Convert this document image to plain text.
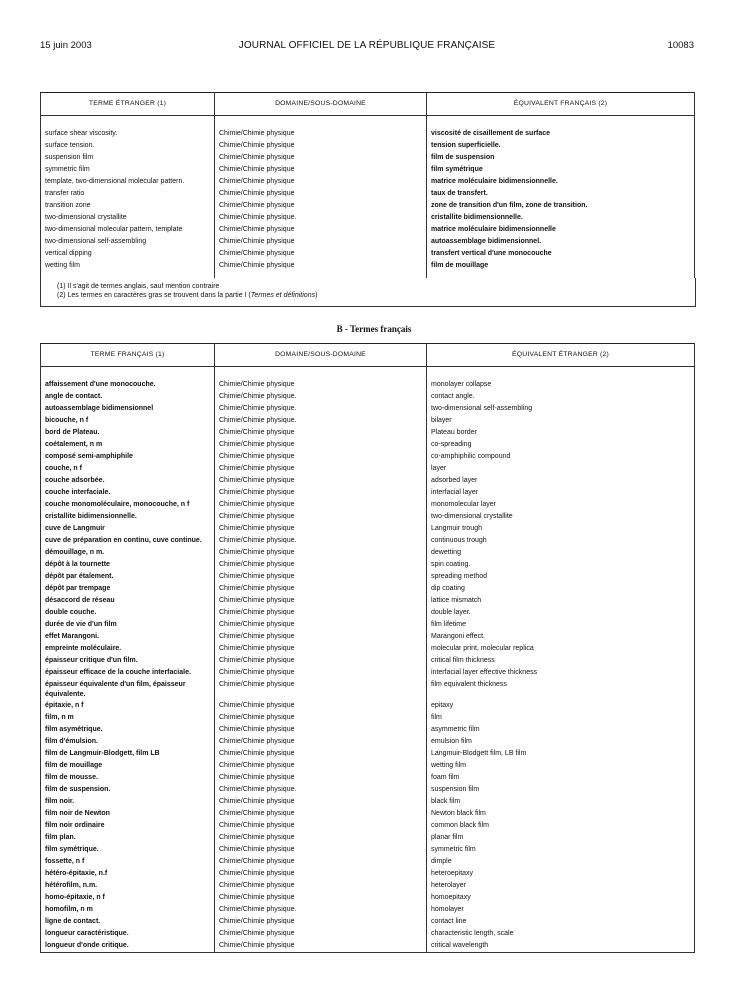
15 juin 2003	JOURNAL OFFICIEL DE LA RÉPUBLIQUE FRANÇAISE	10083
TERME ÉTRANGER (1)	DOMAINE/SOUS-DOMAINE	ÉQUIVALENT FRANÇAIS (2)

surface shear viscosity.	Chimie/Chimie physique	viscosité de cisaillement de surface
surface tension.	Chimie/Chimie physique	tension superficielle.
suspension film	Chimie/Chimie physique	film de suspension
symmetric film	Chimie/Chimie physique	film symétrique
template, two-dimensional molecular pattern.	Chimie/Chimie physique	matrice moléculaire bidimensionnelle.
transfer ratio	Chimie/Chimie physique	taux de transfert.
transition zone	Chimie/Chimie physique	zone de transition d'un film, zone de transition.
two-dimensional crystallite	Chimie/Chimie physique.	cristallite bidimensionnelle.
two-dimensional molecular pattern, template	Chimie/Chimie physique	matrice moléculaire bidimensionnelle
two-dimensional self-assembling	Chimie/Chimie physique	autoassemblage bidimensionnel.
vertical dipping	Chimie/Chimie physique	transfert vertical d'une monocouche
wetting film	Chimie/Chimie physique	film de mouillage

(1) Il s'agit de termes anglais, sauf mention contraire
(2) Les termes en caractères gras se trouvent dans la partie I (Termes et définitions)
B - Termes français
TERME FRANÇAIS (1)	DOMAINE/SOUS-DOMAINE	ÉQUIVALENT ÉTRANGER (2)

affaissement d'une monocouche.	Chimie/Chimie physique	monolayer collapse
angle de contact.	Chimie/Chimie physique.	contact angle.
autoassemblage bidimensionnel	Chimie/Chimie physique.	two-dimensional self-assembling
bicouche, n f	Chimie/Chimie physique.	bilayer
bord de Plateau.	Chimie/Chimie physique	Plateau border
coétalement, n m	Chimie/Chimie physique	co-spreading
composé semi-amphiphile	Chimie/Chimie physique	co-amphiphilic compound
couche, n f	Chimie/Chimie physique	layer
couche adsorbée.	Chimie/Chimie physique	adsorbed layer
couche interfaciale.	Chimie/Chimie physique	interfacial layer
couche monomoléculaire, monocouche, n f	Chimie/Chimie physique	monomolecular layer
cristallite bidimensionnelle.	Chimie/Chimie physique	two-dimensional crystallite
cuve de Langmuir	Chimie/Chimie physique	Langmuir trough
cuve de préparation en continu, cuve continue.	Chimie/Chimie physique.	continuous trough
démouillage, n m.	Chimie/Chimie physique	dewetting
dépôt à la tournette	Chimie/Chimie physique	spin coating.
dépôt par étalement.	Chimie/Chimie physique	spreading method
dépôt par trempage	Chimie/Chimie physique	dip coating
désaccord de réseau	Chimie/Chimie physique	lattice mismatch
double couche.	Chimie/Chimie physique	double layer.
durée de vie d'un film	Chimie/Chimie physique	film lifetime
effet Marangoni.	Chimie/Chimie physique	Marangoni effect.
empreinte moléculaire.	Chimie/Chimie physique	molecular print, molecular replica
épaisseur critique d'un film.	Chimie/Chimie physique	critical film thickness
épaisseur efficace de la couche interfaciale.	Chimie/Chimie physique	interfacial layer effective thickness
épaisseur équivalente d'un film, épaisseur équivalente.	Chimie/Chimie physique	film equivalent thickness
épitaxie, n f	Chimie/Chimie physique	epitaxy
film, n m	Chimie/Chimie physique	film
film asymétrique.	Chimie/Chimie physique	asymmetric film
film d'émulsion.	Chimie/Chimie physique	emulsion film
film de Langmuir-Blodgett, film LB	Chimie/Chimie physique	Langmuir-Blodgett film, LB film
film de mouillage	Chimie/Chimie physique	wetting film
film de mousse.	Chimie/Chimie physique	foam film
film de suspension.	Chimie/Chimie physique.	suspension film
film noir.	Chimie/Chimie physique	black film
film noir de Newton	Chimie/Chimie physique	Newton black film
film noir ordinaire	Chimie/Chimie physique	common black film
film plan.	Chimie/Chimie physique	planar film
film symétrique.	Chimie/Chimie physique	symmetric film
fossette, n f	Chimie/Chimie physique	dimple
hétéro-épitaxie, n.f	Chimie/Chimie physique	heteroepitaxy
hétérofilm, n.m.	Chimie/Chimie physique	heterolayer
homo-épitaxie, n f	Chimie/Chimie physique	homoepitaxy
homofilm, n m	Chimie/Chimie physique.	homolayer
ligne de contact.	Chimie/Chimie physique	contact line
longueur caractéristique.	Chimie/Chimie physique	characteristic length, scale
longueur d'onde critique.	Chimie/Chimie physique	critical wavelength
